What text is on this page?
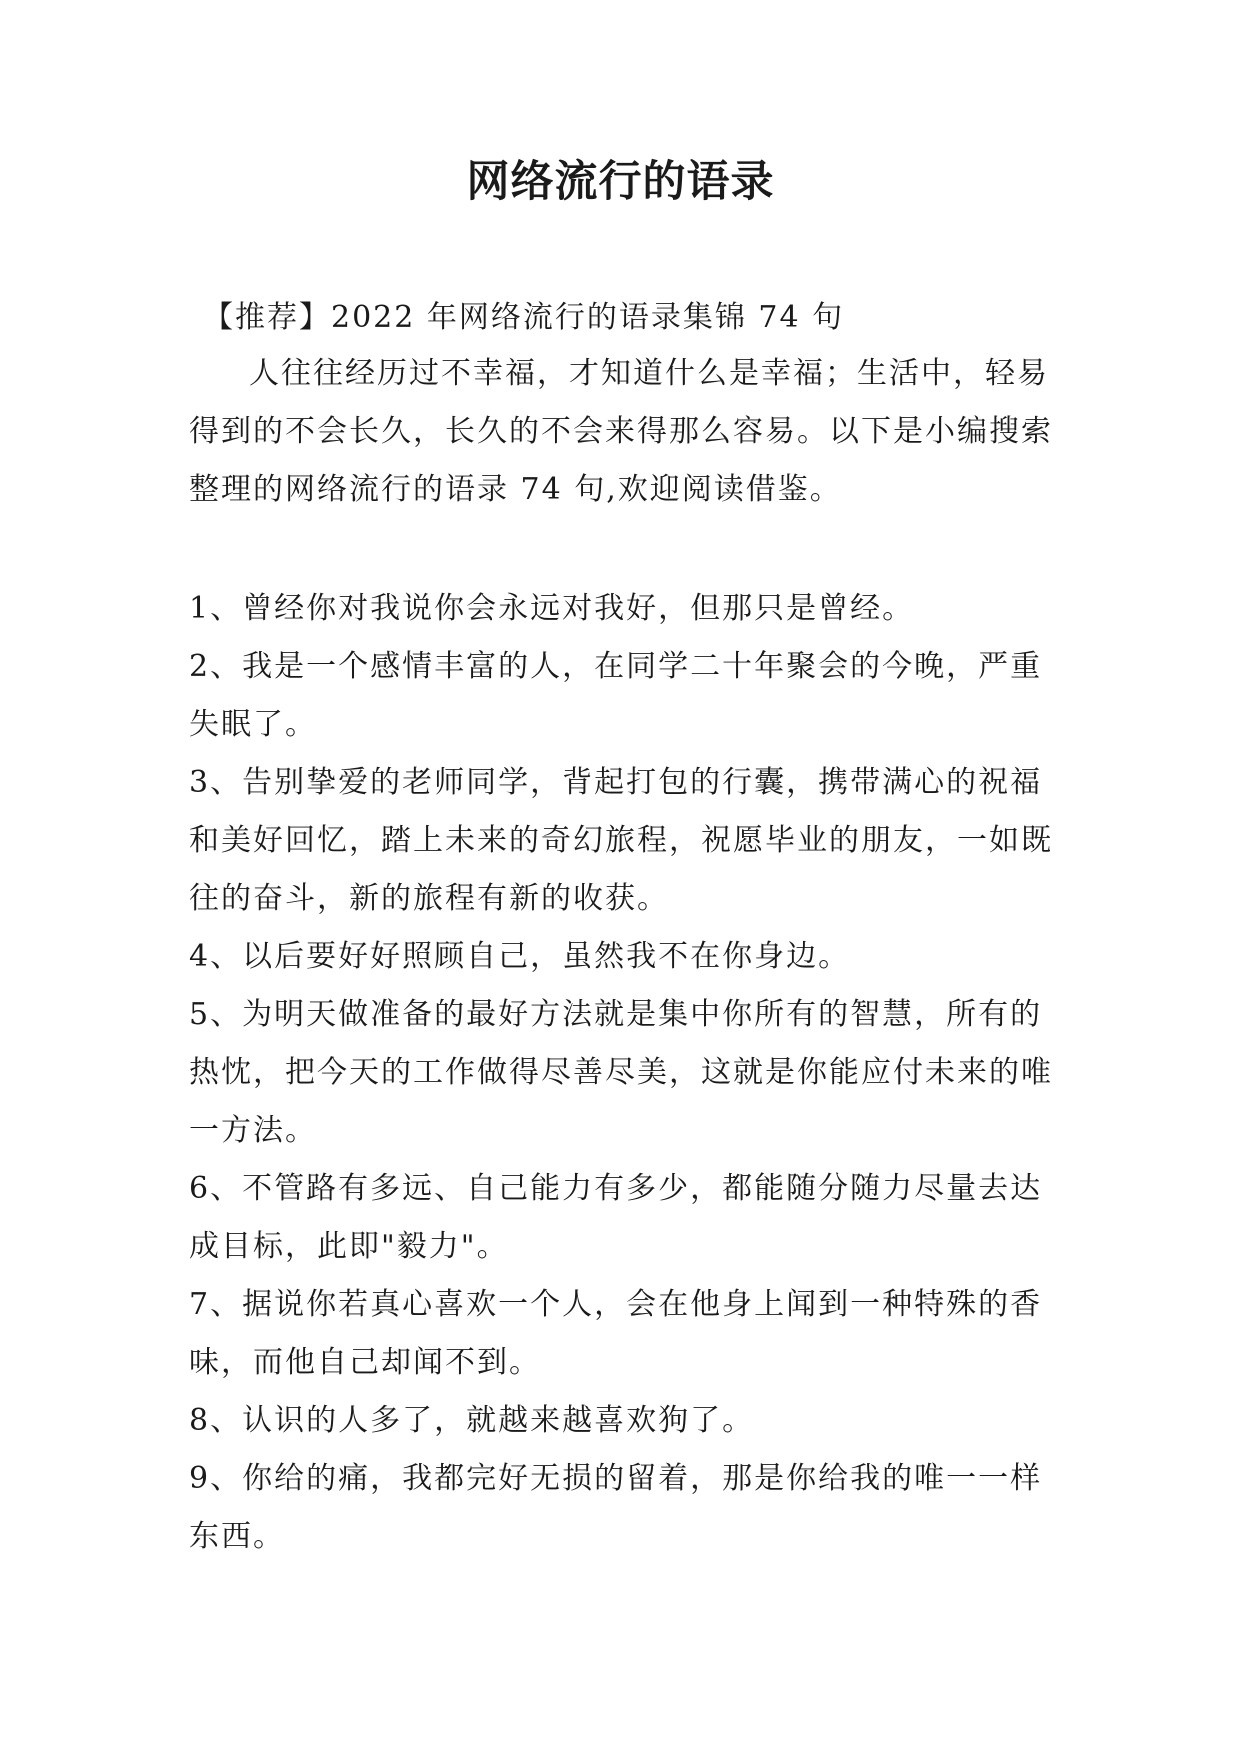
网络流行的语录
【推荐】2022 年网络流行的语录集锦 74 句
人往往经历过不幸福，才知道什么是幸福；生活中，轻易得到的不会长久，长久的不会来得那么容易。以下是小编搜索整理的网络流行的语录 74 句,欢迎阅读借鉴。

1、曾经你对我说你会永远对我好，但那只是曾经。

2、我是一个感情丰富的人，在同学二十年聚会的今晚，严重失眠了。

3、告别挚爱的老师同学，背起打包的行囊，携带满心的祝福和美好回忆，踏上未来的奇幻旅程，祝愿毕业的朋友，一如既往的奋斗，新的旅程有新的收获。

4、以后要好好照顾自己，虽然我不在你身边。

5、为明天做准备的最好方法就是集中你所有的智慧，所有的热忱，把今天的工作做得尽善尽美，这就是你能应付未来的唯一方法。

6、不管路有多远、自己能力有多少，都能随分随力尽量去达成目标，此即"毅力"。

7、据说你若真心喜欢一个人，会在他身上闻到一种特殊的香味，而他自己却闻不到。

8、认识的人多了，就越来越喜欢狗了。

9、你给的痛，我都完好无损的留着，那是你给我的唯一一样东西。
